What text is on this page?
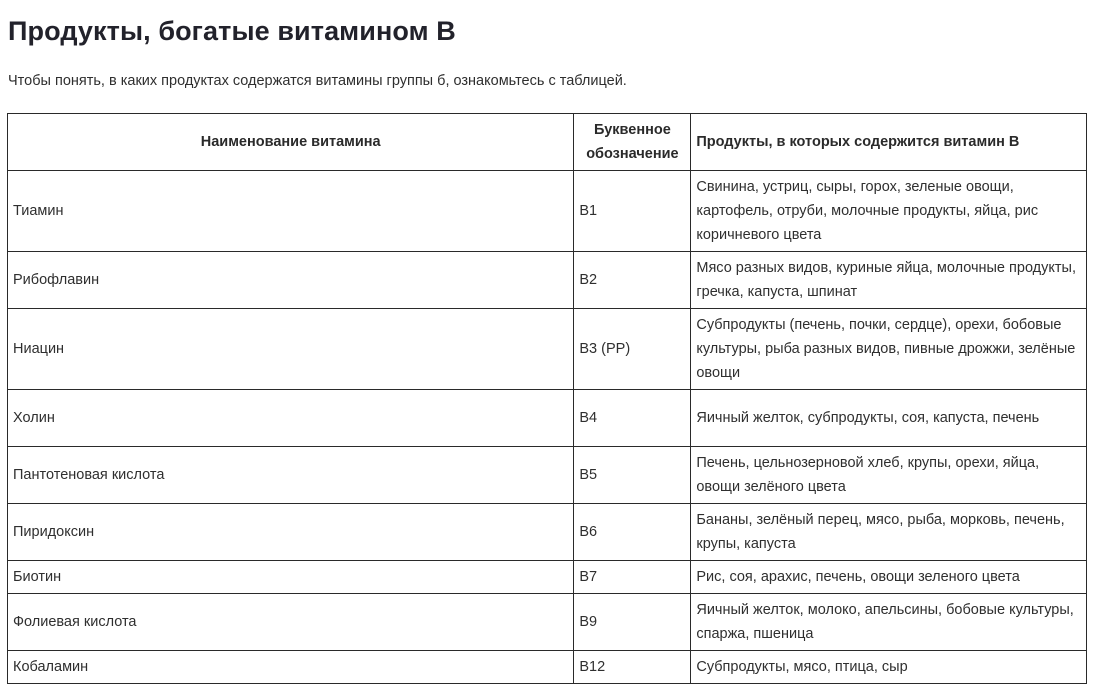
Продукты, богатые витамином В

Чтобы понять, в каких продуктах содержатся витамины группы б, ознакомьтесь с таблицей.

Наименование витамина	Буквенное обозначение	Продукты, в которых содержится витамин В
Тиамин	B1	Свинина, устриц, сыры, горох, зеленые овощи, картофель, отруби, молочные продукты, яйца, рис коричневого цвета
Рибофлавин	B2	Мясо разных видов, куриные яйца, молочные продукты, гречка, капуста, шпинат
Ниацин	B3 (PP)	Субпродукты (печень, почки, сердце), орехи, бобовые культуры, рыба разных видов, пивные дрожжи, зелёные овощи
Холин	B4	Яичный желток, субпродукты, соя, капуста, печень
Пантотеновая кислота	B5	Печень, цельнозерновой хлеб, крупы, орехи, яйца, овощи зелёного цвета
Пиридоксин	B6	Бананы, зелёный перец, мясо, рыба, морковь, печень, крупы, капуста
Биотин	B7	Рис, соя, арахис, печень, овощи зеленого цвета
Фолиевая кислота	B9	Яичный желток, молоко, апельсины, бобовые культуры, спаржа, пшеница
Кобаламин	B12	Субпродукты, мясо, птица, сыр
